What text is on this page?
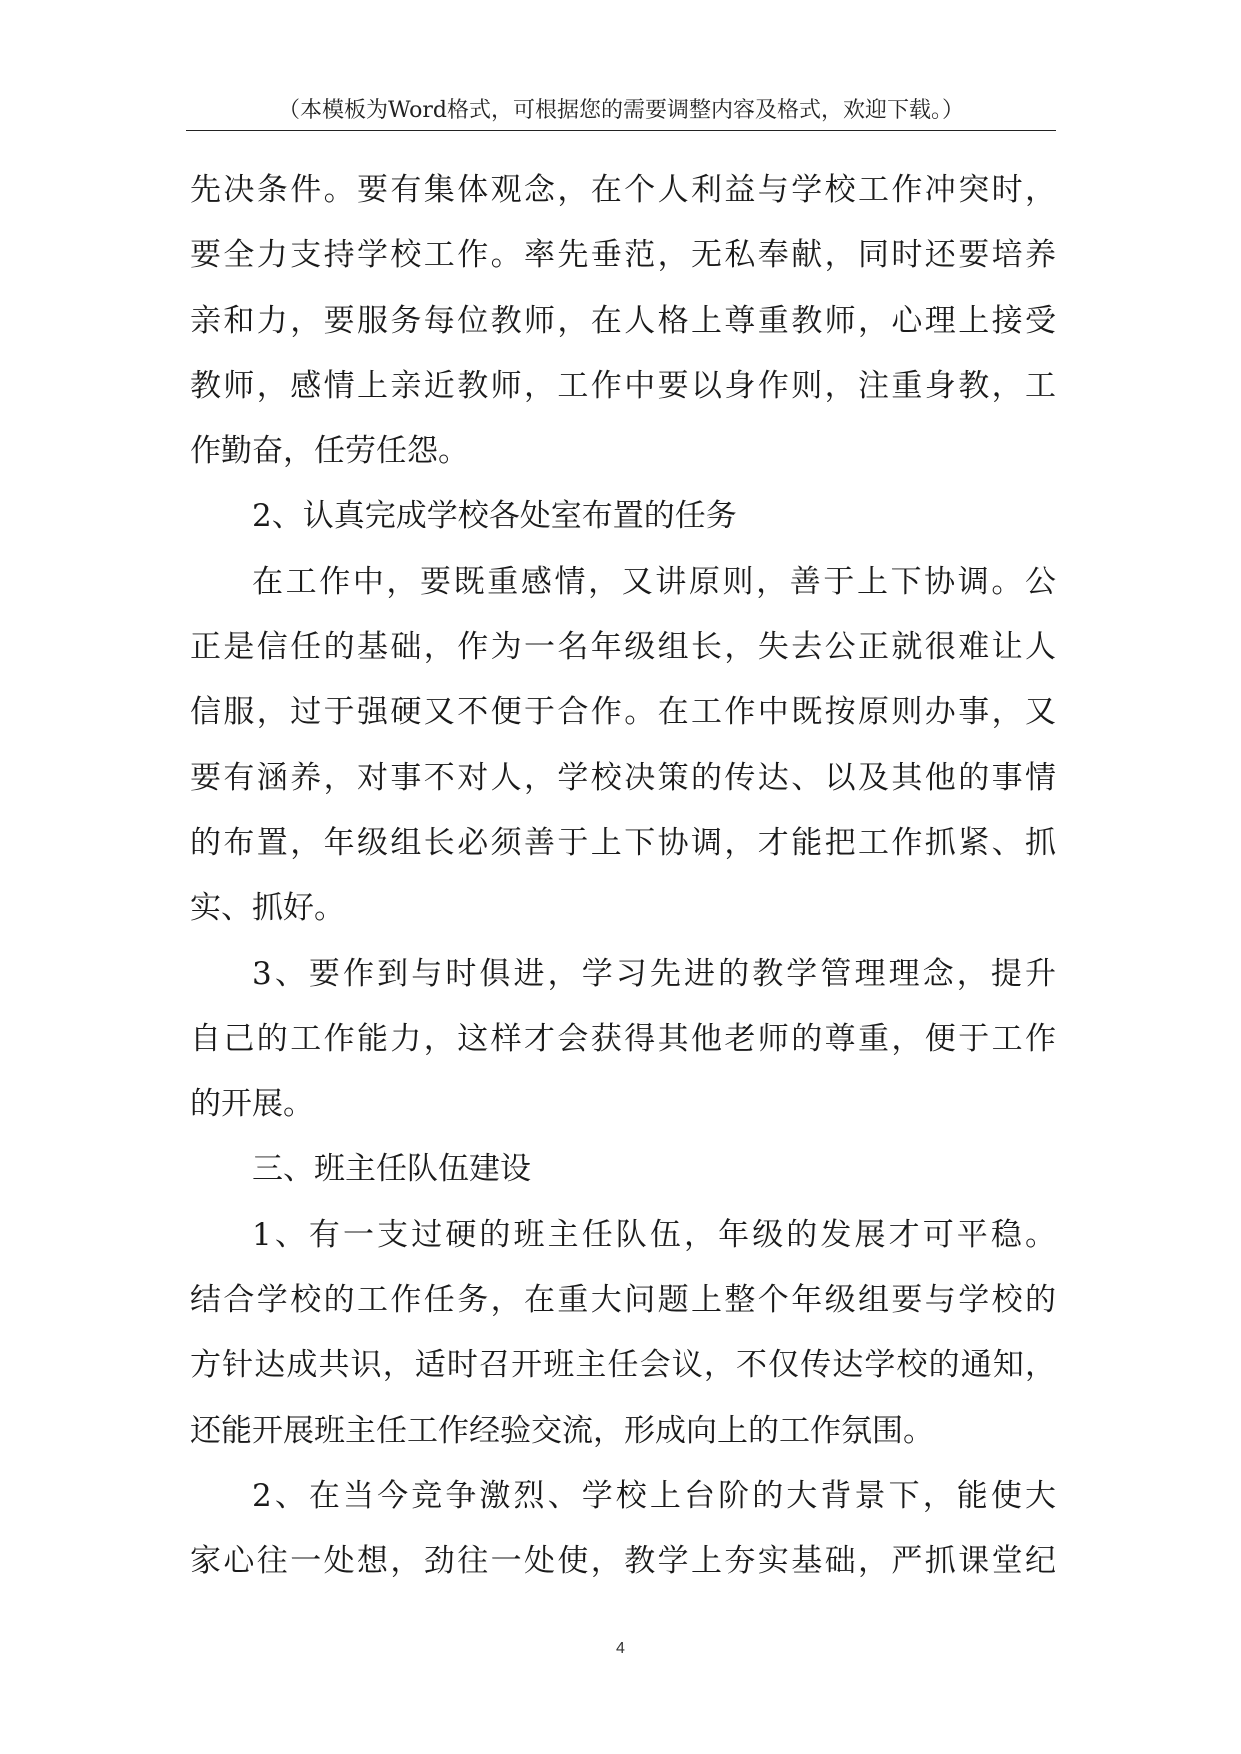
（本模板为Word格式，可根据您的需要调整内容及格式，欢迎下载。）
先决条件。要有集体观念，在个人利益与学校工作冲突时，
要全力支持学校工作。率先垂范，无私奉献，同时还要培养
亲和力，要服务每位教师，在人格上尊重教师，心理上接受
教师，感情上亲近教师，工作中要以身作则，注重身教，工
作勤奋，任劳任怨。
2、认真完成学校各处室布置的任务
在工作中，要既重感情，又讲原则，善于上下协调。公
正是信任的基础，作为一名年级组长，失去公正就很难让人
信服，过于强硬又不便于合作。在工作中既按原则办事，又
要有涵养，对事不对人，学校决策的传达、以及其他的事情
的布置，年级组长必须善于上下协调，才能把工作抓紧、抓
实、抓好。
3、要作到与时俱进，学习先进的教学管理理念，提升
自己的工作能力，这样才会获得其他老师的尊重，便于工作
的开展。
三、班主任队伍建设
1、有一支过硬的班主任队伍，年级的发展才可平稳。
结合学校的工作任务，在重大问题上整个年级组要与学校的
方针达成共识，适时召开班主任会议，不仅传达学校的通知，
还能开展班主任工作经验交流，形成向上的工作氛围。
2、在当今竞争激烈、学校上台阶的大背景下，能使大
家心往一处想，劲往一处使，教学上夯实基础，严抓课堂纪
4
